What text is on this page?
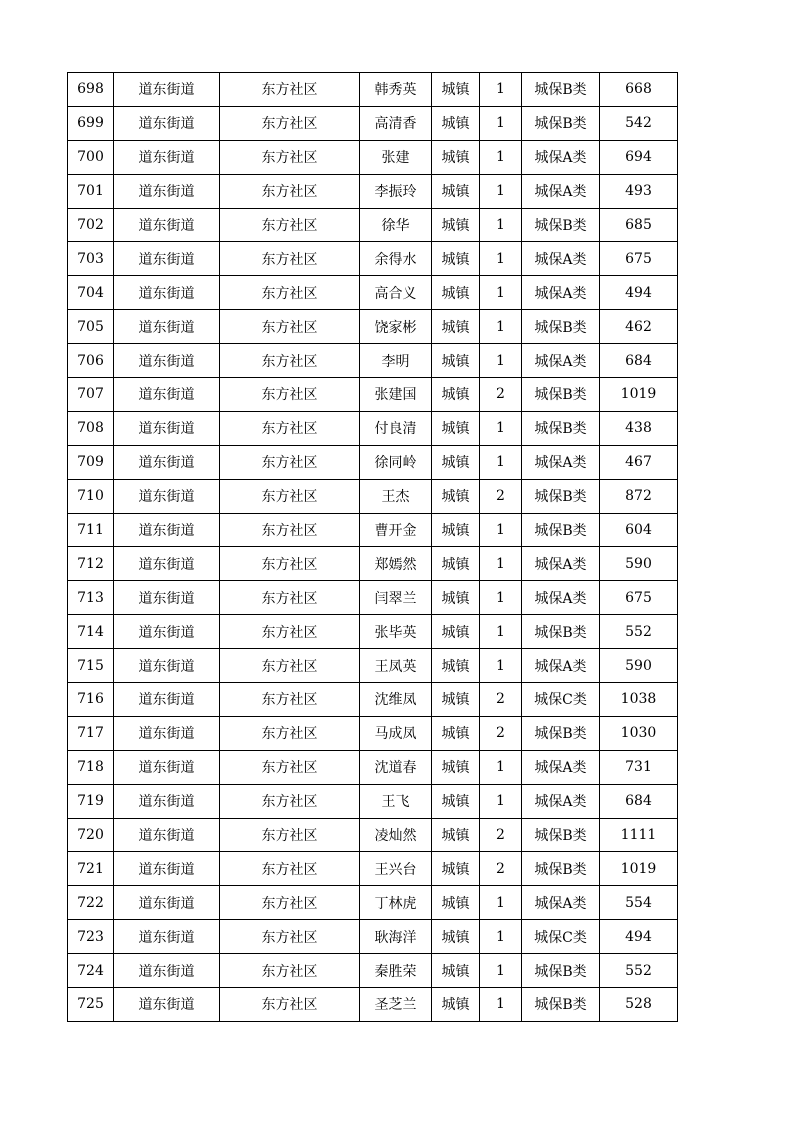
698	道东街道	东方社区	韩秀英	城镇	1	城保B类	668
699	道东街道	东方社区	高清香	城镇	1	城保B类	542
700	道东街道	东方社区	张建	城镇	1	城保A类	694
701	道东街道	东方社区	李振玲	城镇	1	城保A类	493
702	道东街道	东方社区	徐华	城镇	1	城保B类	685
703	道东街道	东方社区	余得水	城镇	1	城保A类	675
704	道东街道	东方社区	高合义	城镇	1	城保A类	494
705	道东街道	东方社区	饶家彬	城镇	1	城保B类	462
706	道东街道	东方社区	李明	城镇	1	城保A类	684
707	道东街道	东方社区	张建国	城镇	2	城保B类	1019
708	道东街道	东方社区	付良清	城镇	1	城保B类	438
709	道东街道	东方社区	徐同岭	城镇	1	城保A类	467
710	道东街道	东方社区	王杰	城镇	2	城保B类	872
711	道东街道	东方社区	曹开金	城镇	1	城保B类	604
712	道东街道	东方社区	郑嫣然	城镇	1	城保A类	590
713	道东街道	东方社区	闫翠兰	城镇	1	城保A类	675
714	道东街道	东方社区	张毕英	城镇	1	城保B类	552
715	道东街道	东方社区	王凤英	城镇	1	城保A类	590
716	道东街道	东方社区	沈维凤	城镇	2	城保C类	1038
717	道东街道	东方社区	马成凤	城镇	2	城保B类	1030
718	道东街道	东方社区	沈道春	城镇	1	城保A类	731
719	道东街道	东方社区	王飞	城镇	1	城保A类	684
720	道东街道	东方社区	凌灿然	城镇	2	城保B类	1111
721	道东街道	东方社区	王兴台	城镇	2	城保B类	1019
722	道东街道	东方社区	丁林虎	城镇	1	城保A类	554
723	道东街道	东方社区	耿海洋	城镇	1	城保C类	494
724	道东街道	东方社区	秦胜荣	城镇	1	城保B类	552
725	道东街道	东方社区	圣芝兰	城镇	1	城保B类	528
